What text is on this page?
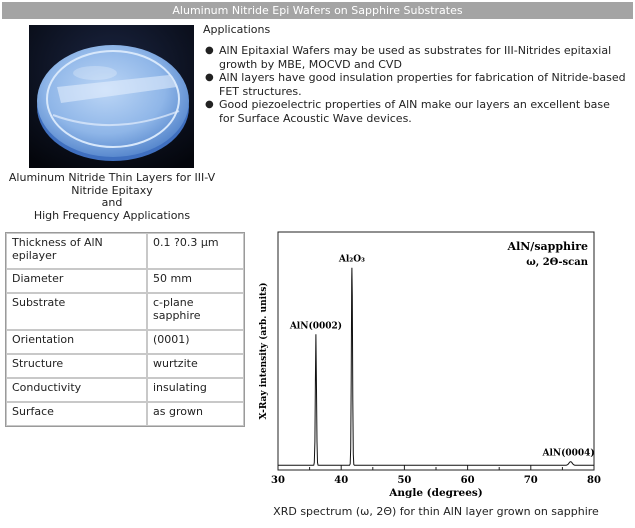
Aluminum Nitride Epi Wafers on Sapphire Substrates
Aluminum Nitride Thin Layers for III-V
Nitride Epitaxy
and
High Frequency Applications
Applications
● AlN Epitaxial Wafers may be used as substrates for III-Nitrides epitaxial
growth by MBE, MOCVD and CVD
● AlN layers have good insulation properties for fabrication of Nitride-based
FET structures.
● Good piezoelectric properties of AlN make our layers an excellent base
for Surface Acoustic Wave devices.
Thickness of AlN
epilayer	0.1 ?0.3 µm

Diameter	50 mm

Substrate	c-plane
sapphire

Orientation	(0001)

Structure	wurtzite

Conductivity	insulating

Surface	as grown
30	40	50	60	70	80
AlN(0002)
Al₂O₃
AlN(0004)
AlN/sapphire
ω, 2Θ-scan
Angle (degrees)
X-Ray intensity (arb. units)
XRD spectrum (ω, 2Θ) for thin AlN layer grown on sapphire
